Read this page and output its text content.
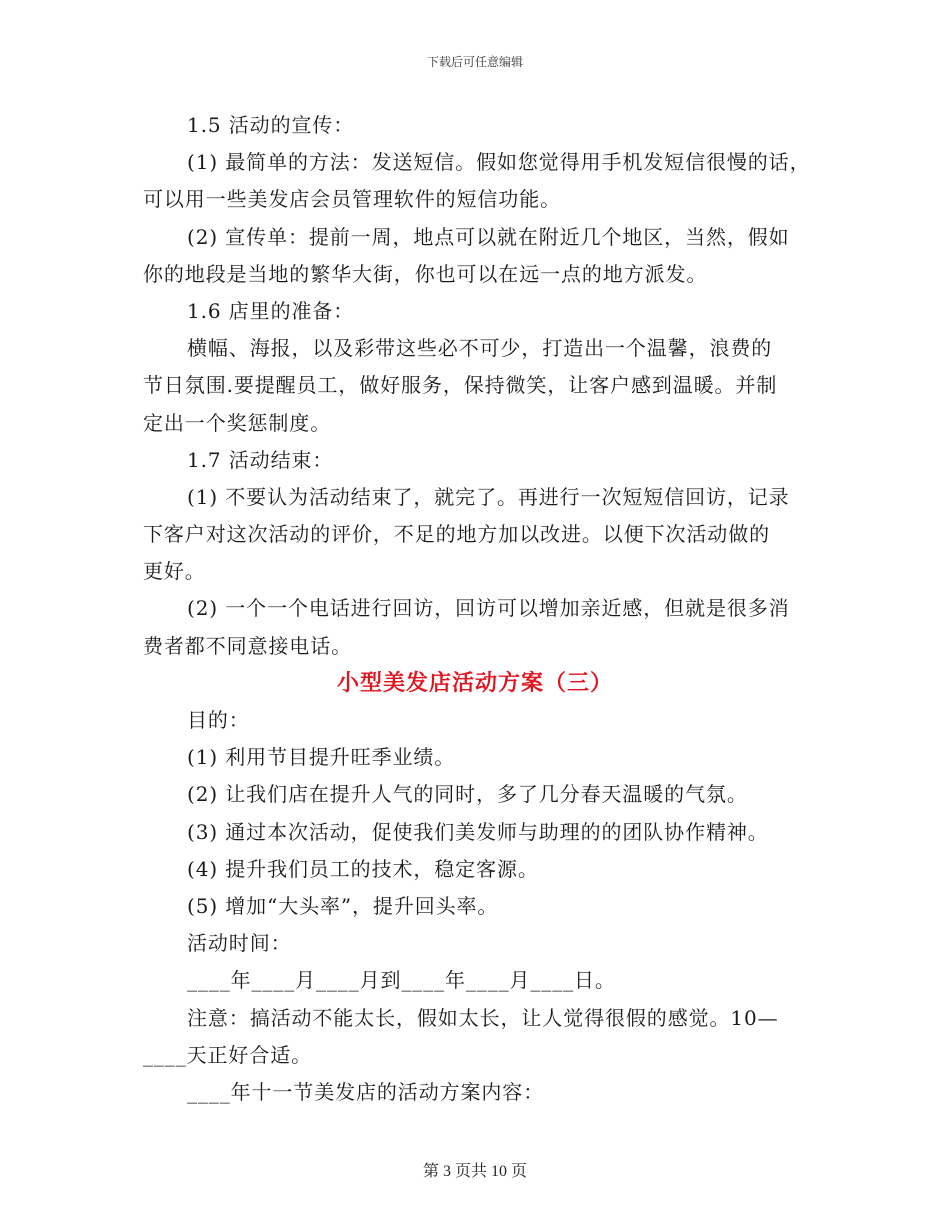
下载后可任意编辑
1.5 活动的宣传：
(1) 最简单的方法：发送短信。假如您觉得用手机发短信很慢的话，
可以用一些美发店会员管理软件的短信功能。
(2) 宣传单：提前一周，地点可以就在附近几个地区，当然，假如
你的地段是当地的繁华大街，你也可以在远一点的地方派发。
1.6 店里的准备：
横幅、海报，以及彩带这些必不可少，打造出一个温馨，浪费的
节日氛围.要提醒员工，做好服务，保持微笑，让客户感到温暖。并制
定出一个奖惩制度。
1.7 活动结束：
(1) 不要认为活动结束了，就完了。再进行一次短短信回访，记录
下客户对这次活动的评价，不足的地方加以改进。以便下次活动做的
更好。
(2) 一个一个电话进行回访，回访可以增加亲近感，但就是很多消
费者都不同意接电话。
小型美发店活动方案（三）
目的：
(1) 利用节目提升旺季业绩。
(2) 让我们店在提升人气的同时，多了几分春天温暖的气氛。
(3) 通过本次活动，促使我们美发师与助理的的团队协作精神。
(4) 提升我们员工的技术，稳定客源。
(5) 增加“大头率”，提升回头率。
活动时间：
____年____月____月到____年____月____日。
注意：搞活动不能太长，假如太长，让人觉得很假的感觉。10—
____天正好合适。
____年十一节美发店的活动方案内容：
第 3 页共 10 页
